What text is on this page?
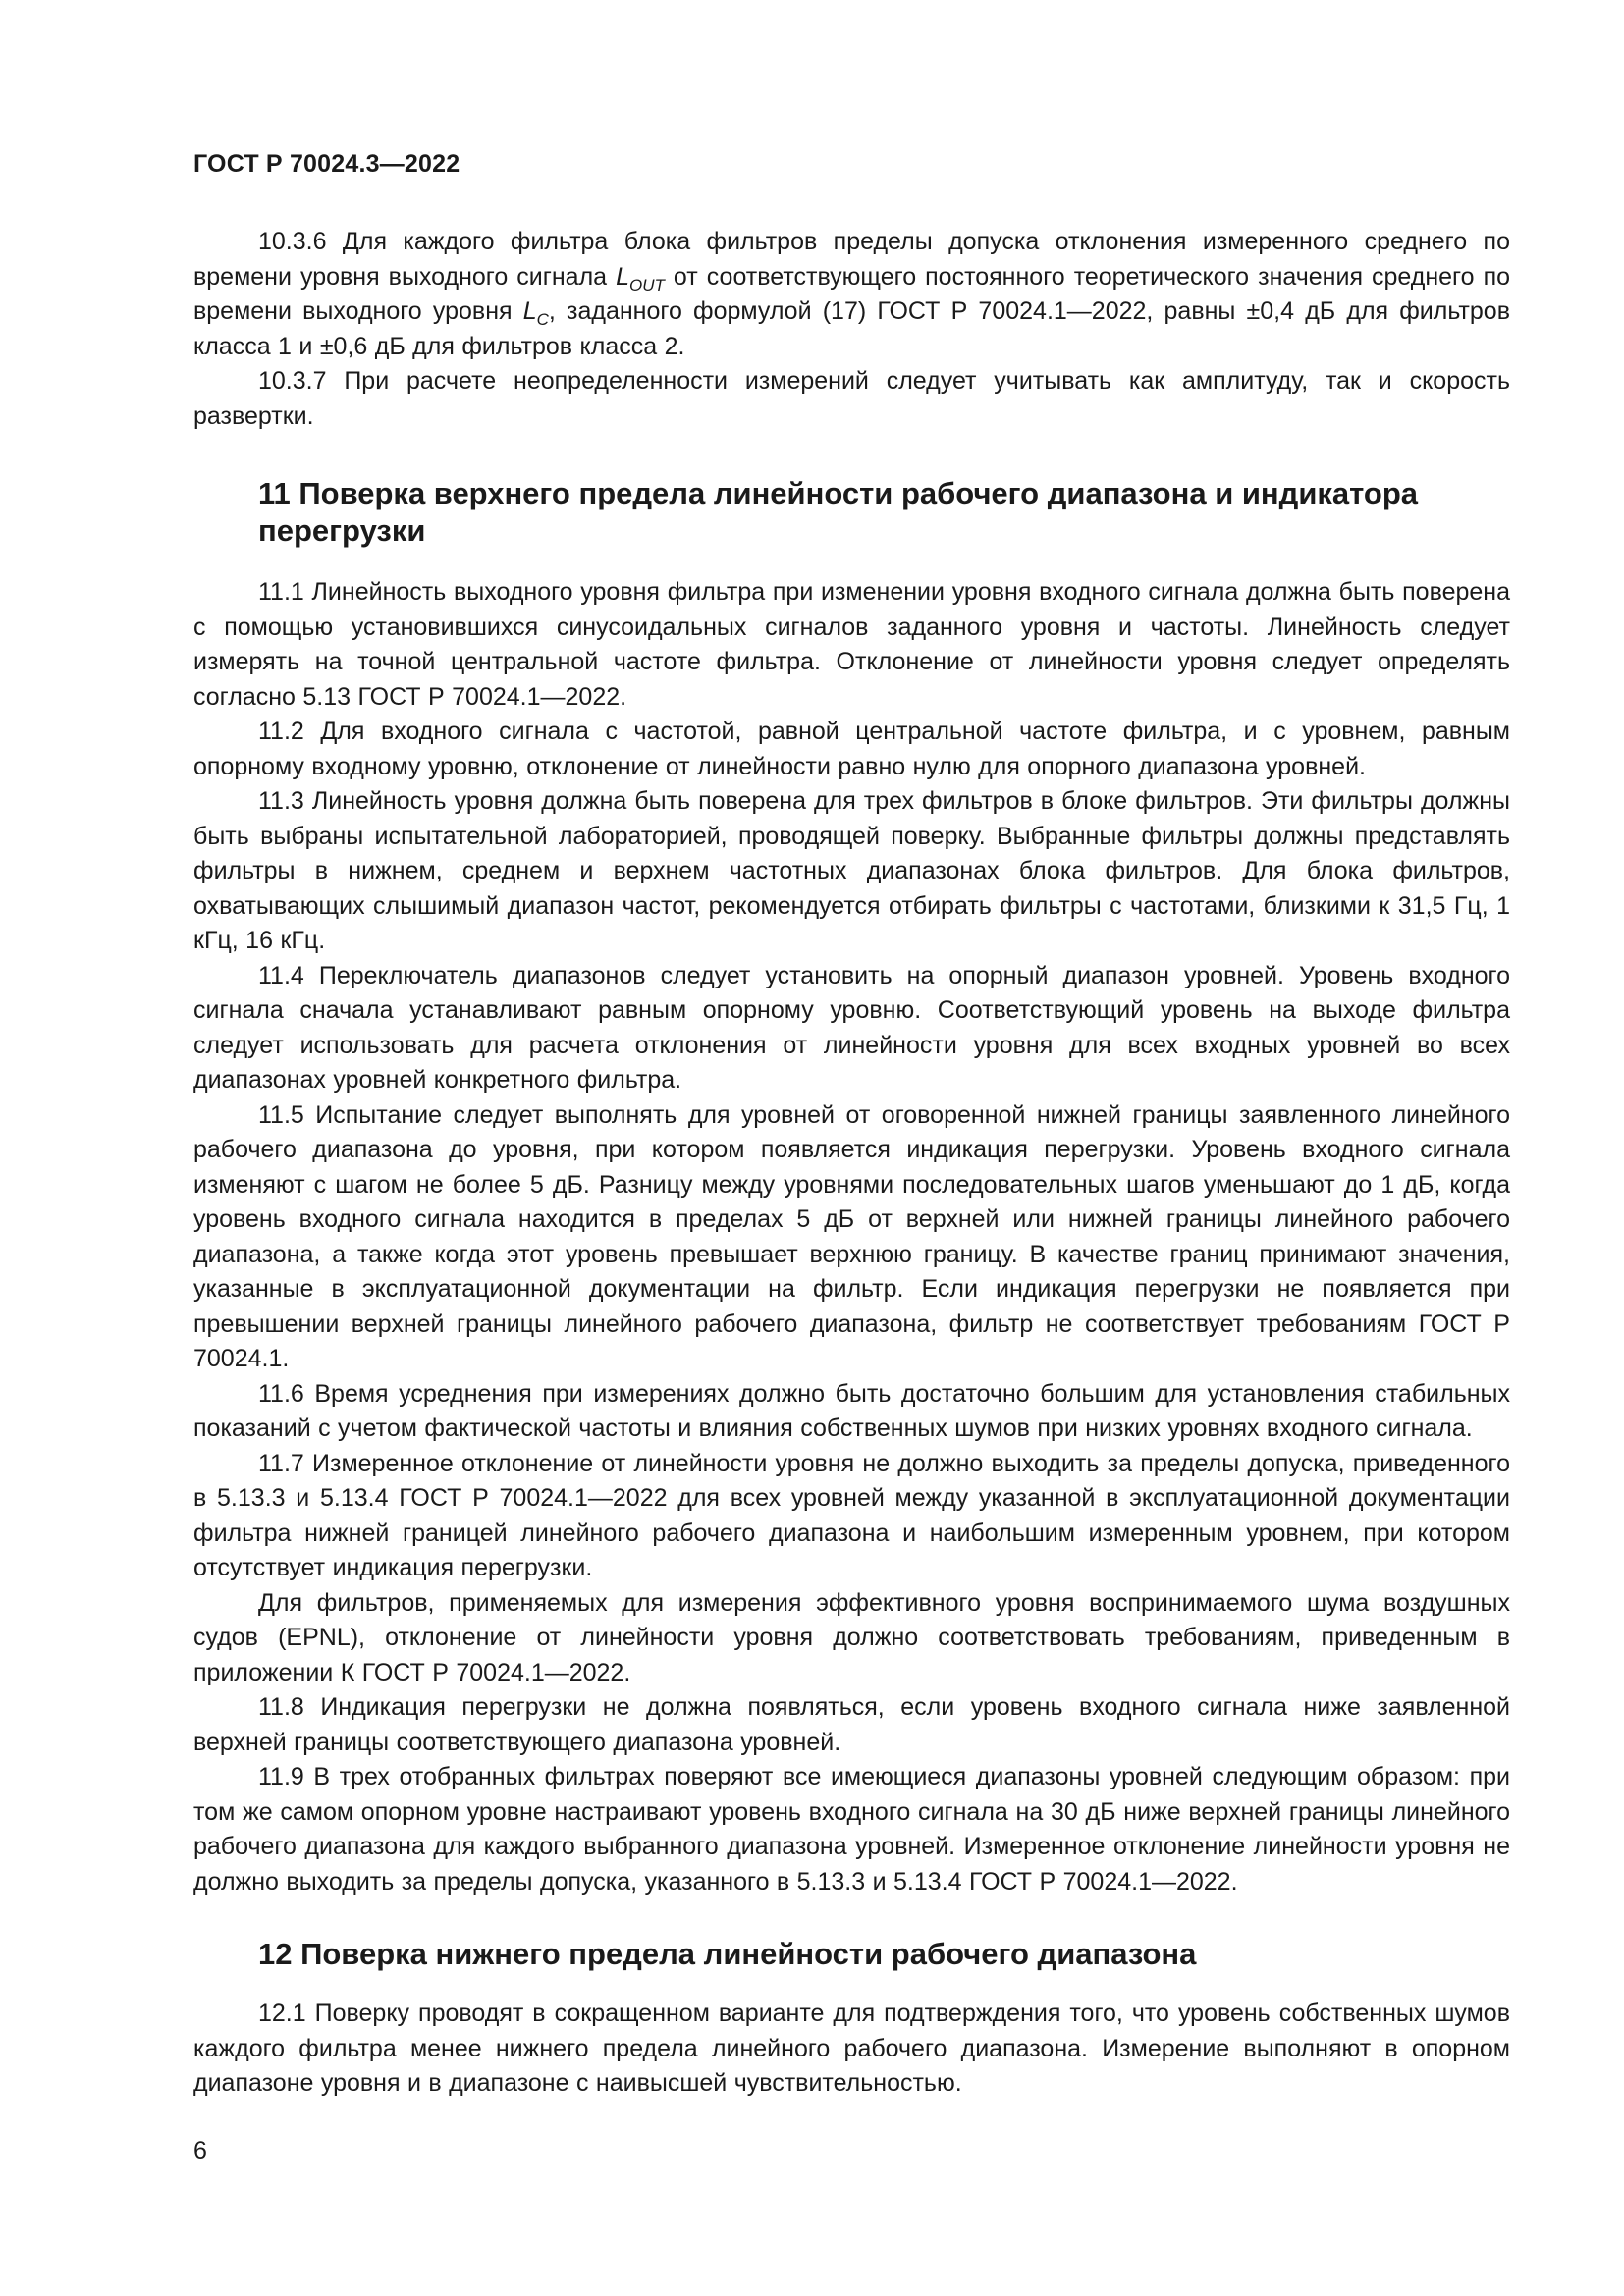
ГОСТ Р 70024.3—2022

10.3.6 Для каждого фильтра блока фильтров пределы допуска отклонения измеренного среднего по времени уровня выходного сигнала $L_{OUT}$ от соответствующего постоянного теоретического значения среднего по времени выходного уровня $L_C$, заданного формулой (17) ГОСТ Р 70024.1—2022, равны ±0,4 дБ для фильтров класса 1 и ±0,6 дБ для фильтров класса 2.

10.3.7 При расчете неопределенности измерений следует учитывать как амплитуду, так и скорость развертки.

11 Поверка верхнего предела линейности рабочего диапазона и индикатора перегрузки

11.1 Линейность выходного уровня фильтра при изменении уровня входного сигнала должна быть поверена с помощью установившихся синусоидальных сигналов заданного уровня и частоты. Линейность следует измерять на точной центральной частоте фильтра. Отклонение от линейности уровня следует определять согласно 5.13 ГОСТ Р 70024.1—2022.

11.2 Для входного сигнала с частотой, равной центральной частоте фильтра, и с уровнем, равным опорному входному уровню, отклонение от линейности равно нулю для опорного диапазона уровней.

11.3 Линейность уровня должна быть поверена для трех фильтров в блоке фильтров. Эти фильтры должны быть выбраны испытательной лабораторией, проводящей поверку. Выбранные фильтры должны представлять фильтры в нижнем, среднем и верхнем частотных диапазонах блока фильтров. Для блока фильтров, охватывающих слышимый диапазон частот, рекомендуется отбирать фильтры с частотами, близкими к 31,5 Гц, 1 кГц, 16 кГц.

11.4 Переключатель диапазонов следует установить на опорный диапазон уровней. Уровень входного сигнала сначала устанавливают равным опорному уровню. Соответствующий уровень на выходе фильтра следует использовать для расчета отклонения от линейности уровня для всех входных уровней во всех диапазонах уровней конкретного фильтра.

11.5 Испытание следует выполнять для уровней от оговоренной нижней границы заявленного линейного рабочего диапазона до уровня, при котором появляется индикация перегрузки. Уровень входного сигнала изменяют с шагом не более 5 дБ. Разницу между уровнями последовательных шагов уменьшают до 1 дБ, когда уровень входного сигнала находится в пределах 5 дБ от верхней или нижней границы линейного рабочего диапазона, а также когда этот уровень превышает верхнюю границу. В качестве границ принимают значения, указанные в эксплуатационной документации на фильтр. Если индикация перегрузки не появляется при превышении верхней границы линейного рабочего диапазона, фильтр не соответствует требованиям ГОСТ Р 70024.1.

11.6 Время усреднения при измерениях должно быть достаточно большим для установления стабильных показаний с учетом фактической частоты и влияния собственных шумов при низких уровнях входного сигнала.

11.7 Измеренное отклонение от линейности уровня не должно выходить за пределы допуска, приведенного в 5.13.3 и 5.13.4 ГОСТ Р 70024.1—2022 для всех уровней между указанной в эксплуатационной документации фильтра нижней границей линейного рабочего диапазона и наибольшим измеренным уровнем, при котором отсутствует индикация перегрузки.

Для фильтров, применяемых для измерения эффективного уровня воспринимаемого шума воздушных судов (EPNL), отклонение от линейности уровня должно соответствовать требованиям, приведенным в приложении К ГОСТ Р 70024.1—2022.

11.8 Индикация перегрузки не должна появляться, если уровень входного сигнала ниже заявленной верхней границы соответствующего диапазона уровней.

11.9 В трех отобранных фильтрах поверяют все имеющиеся диапазоны уровней следующим образом: при том же самом опорном уровне настраивают уровень входного сигнала на 30 дБ ниже верхней границы линейного рабочего диапазона для каждого выбранного диапазона уровней. Измеренное отклонение линейности уровня не должно выходить за пределы допуска, указанного в 5.13.3 и 5.13.4 ГОСТ Р 70024.1—2022.

12 Поверка нижнего предела линейности рабочего диапазона

12.1 Поверку проводят в сокращенном варианте для подтверждения того, что уровень собственных шумов каждого фильтра менее нижнего предела линейного рабочего диапазона. Измерение выполняют в опорном диапазоне уровня и в диапазоне с наивысшей чувствительностью.

6
